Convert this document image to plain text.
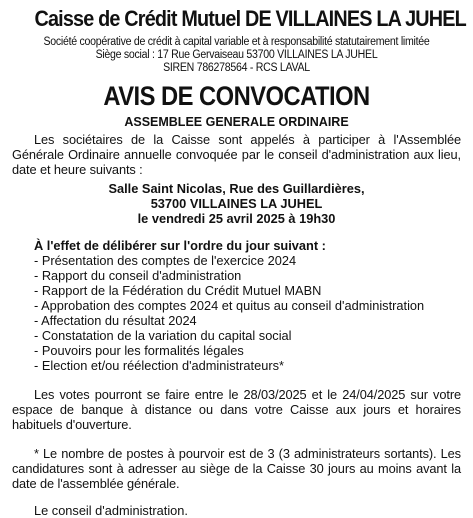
Caisse de Crédit Mutuel DE VILLAINES LA JUHEL
Société coopérative de crédit à capital variable et à responsabilité statutairement limitée
Siège social : 17 Rue Gervaiseau 53700 VILLAINES LA JUHEL
SIREN 786278564 - RCS LAVAL
AVIS DE CONVOCATION
ASSEMBLEE GENERALE ORDINAIRE
Les sociétaires de la Caisse sont appelés à participer à l'Assemblée Générale Ordinaire annuelle convoquée par le conseil d'administration aux lieu, date et heure suivants :
Salle Saint Nicolas, Rue des Guillardières,
53700 VILLAINES LA JUHEL
le vendredi 25 avril 2025 à 19h30
À l'effet de délibérer sur l'ordre du jour suivant :
- Présentation des comptes de l'exercice 2024
- Rapport du conseil d'administration
- Rapport de la Fédération du Crédit Mutuel MABN
- Approbation des comptes 2024 et quitus au conseil d'administration
- Affectation du résultat 2024
- Constatation de la variation du capital social
- Pouvoirs pour les formalités légales
- Election et/ou réélection d'administrateurs*
Les votes pourront se faire entre le 28/03/2025 et le 24/04/2025 sur votre espace de banque à distance ou dans votre Caisse aux jours et horaires habituels d'ouverture.
* Le nombre de postes à pourvoir est de 3 (3 administrateurs sortants). Les candidatures sont à adresser au siège de la Caisse 30 jours au moins avant la date de l'assemblée générale.
Le conseil d'administration.
